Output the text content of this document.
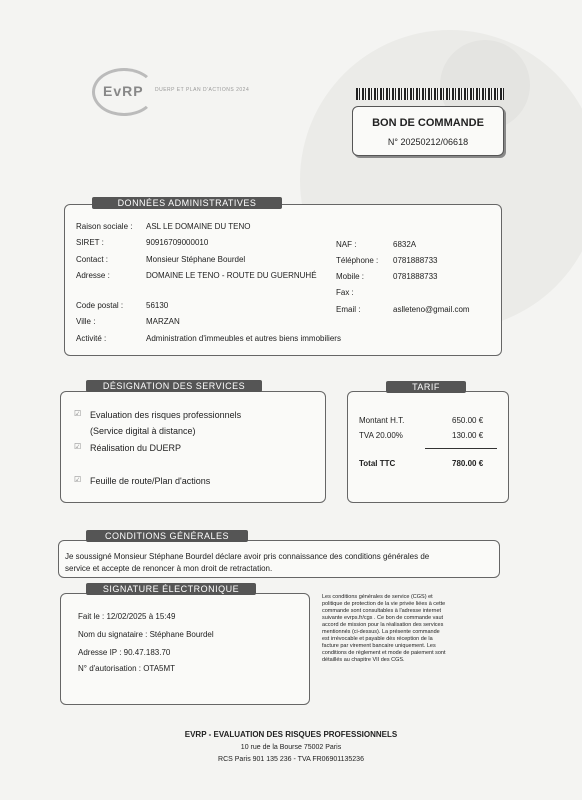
EvRP DUERP ET PLAN D'ACTIONS 2024
BON DE COMMANDE
N° 20250212/06618
DONNÉES ADMINISTRATIVES
Raison sociale : ASL LE DOMAINE DU TENO
SIRET :	90916709000010
Contact :	Monsieur Stéphane Bourdel
Adresse :	DOMAINE LE TENO - ROUTE DU GUERNUHÉ
Code postal :	56130
Ville :	MARZAN
Activité :	Administration d'immeubles et autres biens immobiliers
NAF :	6832A
Téléphone : 0781888733
Mobile :	0781888733
Fax :
Email :	aslleteno@gmail.com
DÉSIGNATION DES SERVICES
☑ Evaluation des risques professionnels
(Service digital à distance)
☑ Réalisation du DUERP
☑ Feuille de route/Plan d'actions
TARIF
Montant H.T.	650.00 €
TVA 20.00%	130.00 €
Total TTC	780.00 €
CONDITIONS GÉNÉRALES
Je soussigné Monsieur Stéphane Bourdel déclare avoir pris connaissance des conditions générales de
service et accepte de renoncer à mon droit de retractation.
SIGNATURE ÉLECTRONIQUE
Fait le : 12/02/2025 à 15:49
Nom du signataire : Stéphane Bourdel
Adresse IP : 90.47.183.70
N° d'autorisation : OTA5MT
Les conditions générales de service (CGS) et
politique de protection de la vie privée liées à cette
commande sont consultables à l'adresse internet
suivante evrps.fr/cgs . Ce bon de commande vaut
accord de mission pour la réalisation des services
mentionnés (ci-dessus). La présente commande
est irrévocable et payable dès réception de la
facture par virement bancaire uniquement. Les
conditions de règlement et mode de paiement sont
détaillés au chapitre VII des CGS.
EVRP - EVALUATION DES RISQUES PROFESSIONNELS
10 rue de la Bourse 75002 Paris
RCS Paris 901 135 236 - TVA FR06901135236
